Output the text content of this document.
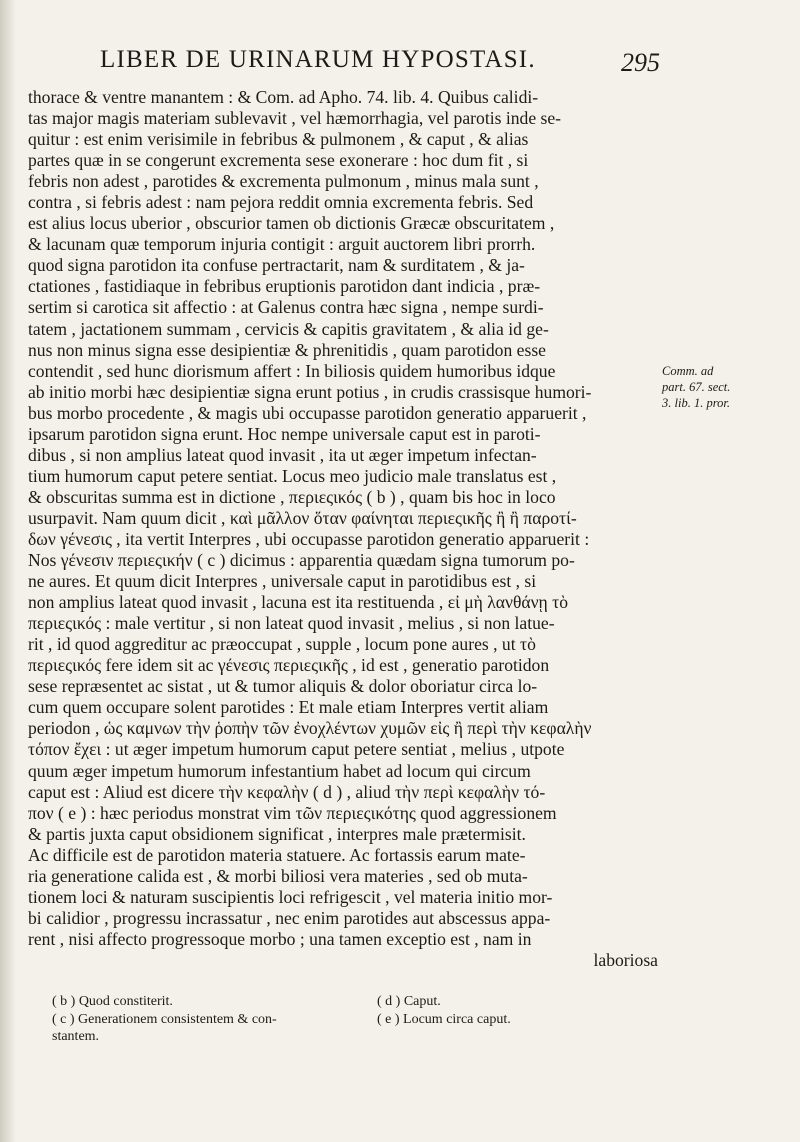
LIBER DE URINARUM HYPOSTASI.	295
thorace & ventre manantem : & Com. ad Apho. 74. lib. 4. Quibus calidi-
tas major magis materiam sublevavit , vel hæmorrhagia, vel parotis inde se-
quitur : est enim verisimile in febribus & pulmonem , & caput , & alias
partes quæ in se congerunt excrementa sese exonerare : hoc dum fit , si
febris non adest , parotides & excrementa pulmonum , minus mala sunt ,
contra , si febris adest : nam pejora reddit omnia excrementa febris. Sed
est alius locus uberior , obscurior tamen ob dictionis Græcæ obscuritatem ,
& lacunam quæ temporum injuria contigit : arguit auctorem libri prorrh.
quod signa parotidon ita confuse pertractarit, nam & surditatem , & ja-
ctationes , fastidiaque in febribus eruptionis parotidon dant indicia , præ-
sertim si carotica sit affectio : at Galenus contra hæc signa , nempe surdi-
tatem , jactationem summam , cervicis & capitis gravitatem , & alia id ge-
nus non minus signa esse desipientiæ & phrenitidis , quam parotidon esse
contendit , sed hunc diorismum affert : In biliosis quidem humoribus idque
ab initio morbi hæc desipientiæ signa erunt potius , in crudis crassisque humori-
bus morbo procedente , & magis ubi occupasse parotidon generatio apparuerit ,
ipsarum parotidon signa erunt. Hoc nempe universale caput est in paroti-
dibus , si non amplius lateat quod invasit , ita ut æger impetum infectan-
tium humorum caput petere sentiat. Locus meo judicio male translatus est ,
& obscuritas summa est in dictione , περιεςικός ( b ) , quam bis hoc in loco
usurpavit. Nam quum dicit , καὶ μᾶλλον ὅταν φαίνηται περιεςικῆς ἢ ἢ παροτί-
δων γένεσις , ita vertit Interpres , ubi occupasse parotidon generatio apparuerit :
Nos γένεσιν περιεςικήν ( c ) dicimus : apparentia quædam signa tumorum po-
ne aures. Et quum dicit Interpres , universale caput in parotidibus est , si
non amplius lateat quod invasit , lacuna est ita restituenda , εἰ μὴ λανθάνῃ τὸ
περιεςικός : male vertitur , si non lateat quod invasit , melius , si non latue-
rit , id quod aggreditur ac præoccupat , supple , locum pone aures , ut τὸ
περιεςικός fere idem sit ac γένεσις περιεςικῆς , id est , generatio parotidon
sese repræsentet ac sistat , ut & tumor aliquis & dolor oboriatur circa lo-
cum quem occupare solent parotides : Et male etiam Interpres vertit aliam
periodon , ὡς καμνων τὴν ῥοπὴν τῶν ἐνοχλέντων χυμῶν εἰς ἢ περὶ τὴν κεφαλὴν
τόπον ἔχει : ut æger impetum humorum caput petere sentiat , melius , utpote
quum æger impetum humorum infestantium habet ad locum qui circum
caput est : Aliud est dicere τὴν κεφαλὴν ( d ) , aliud τὴν περὶ κεφαλὴν τό-
πον ( e ) : hæc periodus monstrat vim τῶν περιεςικότης quod aggressionem
& partis juxta caput obsidionem significat , interpres male prætermisit.
Ac difficile est de parotidon materia statuere. Ac fortassis earum mate-
ria generatione calida est , & morbi biliosi vera materies , sed ob muta-
tionem loci & naturam suscipientis loci refrigescit , vel materia initio mor-
bi calidior , progressu incrassatur , nec enim parotides aut abscessus appa-
rent , nisi affecto progressoque morbo ; una tamen exceptio est , nam in
laboriosa
Comm. ad
part. 67. sect.
3. lib. 1. pror.
( b ) Quod constiterit.
( c ) Generationem consistentem & con-
stantem.
( d ) Caput.
( e ) Locum circa caput.
